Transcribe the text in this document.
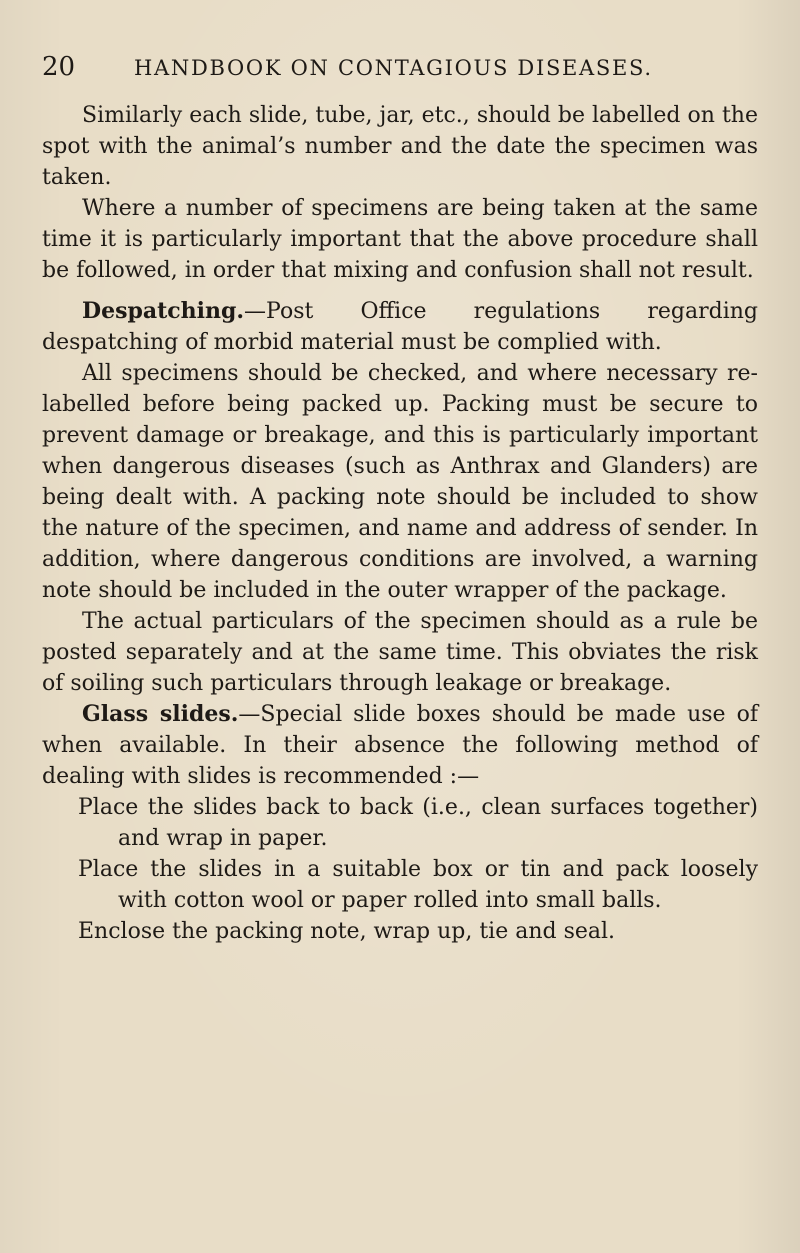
20	HANDBOOK ON CONTAGIOUS DISEASES.

Similarly each slide, tube, jar, etc., should be labelled on the spot with the animal’s number and the date the specimen was taken.

Where a number of specimens are being taken at the same time it is particularly important that the above procedure shall be followed, in order that mixing and confusion shall not result.

Despatching.—Post Office regulations regarding despatching of morbid material must be complied with.

All specimens should be checked, and where necessary re-labelled before being packed up. Packing must be secure to prevent damage or breakage, and this is particularly important when dangerous diseases (such as Anthrax and Glanders) are being dealt with. A packing note should be included to show the nature of the specimen, and name and address of sender. In addition, where dangerous conditions are involved, a warning note should be included in the outer wrapper of the package.

The actual particulars of the specimen should as a rule be posted separately and at the same time. This obviates the risk of soiling such particulars through leakage or breakage.

Glass slides.—Special slide boxes should be made use of when available. In their absence the following method of dealing with slides is recommended :—

Place the slides back to back (i.e., clean surfaces together) and wrap in paper.
Place the slides in a suitable box or tin and pack loosely with cotton wool or paper rolled into small balls.
Enclose the packing note, wrap up, tie and seal.
